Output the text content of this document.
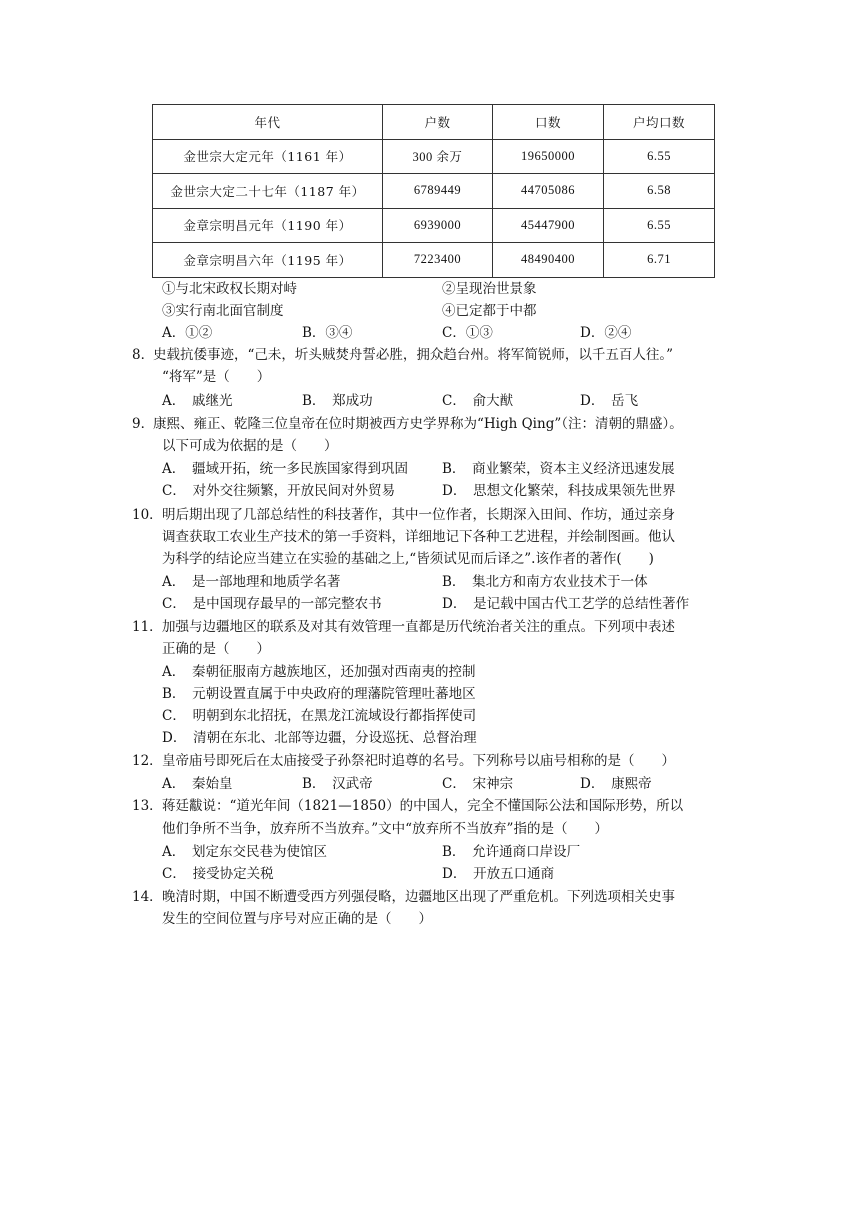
年代	户数	口数	户均口数
金世宗大定元年（1161 年）	300 余万	19650000	6.55
金世宗大定二十七年（1187 年）	6789449	44705086	6.58
金章宗明昌元年（1190 年）	6939000	45447900	6.55
金章宗明昌六年（1195 年）	7223400	48490400	6.71
①与北宋政权长期对峙	②呈现治世景象
③实行南北面官制度	④已定都于中都
A．①②	B．③④	C．①③	D．②④
8．
史载抗倭事迹，“己未，圻头贼焚舟誓必胜，拥众趋台州。将军简锐师，以千五百人往。”
“将军”是（　　）
A．　戚继光	B．　郑成功	C．　俞大猷	D．　岳飞
9．
康熙、雍正、乾隆三位皇帝在位时期被西方史学界称为“High Qing”（注：清朝的鼎盛）。
以下可成为依据的是（　　）
A．　疆域开拓，统一多民族国家得到巩固	B．　商业繁荣，资本主义经济迅速发展
C．　对外交往频繁，开放民间对外贸易	D．　思想文化繁荣，科技成果领先世界
10． 明后期出现了几部总结性的科技著作，其中一位作者，长期深入田间、作坊，通过亲身
调查获取工农业生产技术的第一手资料，详细地记下各种工艺进程，并绘制图画。他认
为科学的结论应当建立在实验的基础之上,“皆须试见而后译之”.该作者的著作(　　)
A．　是一部地理和地质学名著	B．　集北方和南方农业技术于一体
C．　是中国现存最早的一部完整农书	D．　是记载中国古代工艺学的总结性著作
11． 加强与边疆地区的联系及对其有效管理一直都是历代统治者关注的重点。下列项中表述
正确的是（　　）
A．　秦朝征服南方越族地区，还加强对西南夷的控制
B．　元朝设置直属于中央政府的理藩院管理吐蕃地区
C．　明朝到东北招抚，在黑龙江流域设行都指挥使司
D．　清朝在东北、北部等边疆，分设巡抚、总督治理
12． 皇帝庙号即死后在太庙接受子孙祭祀时追尊的名号。下列称号以庙号相称的是（　　）
A．　秦始皇	B．　汉武帝	C．　宋神宗	D．　康熙帝
13． 蒋廷黻说：“道光年间（1821—1850）的中国人，完全不懂国际公法和国际形势，所以
他们争所不当争，放弃所不当放弃。”文中“放弃所不当放弃”指的是（　　）
A．　划定东交民巷为使馆区	B．　允许通商口岸设厂
C．　接受协定关税	D．　开放五口通商
14． 晚清时期，中国不断遭受西方列强侵略，边疆地区出现了严重危机。下列选项相关史事
发生的空间位置与序号对应正确的是（　　）
